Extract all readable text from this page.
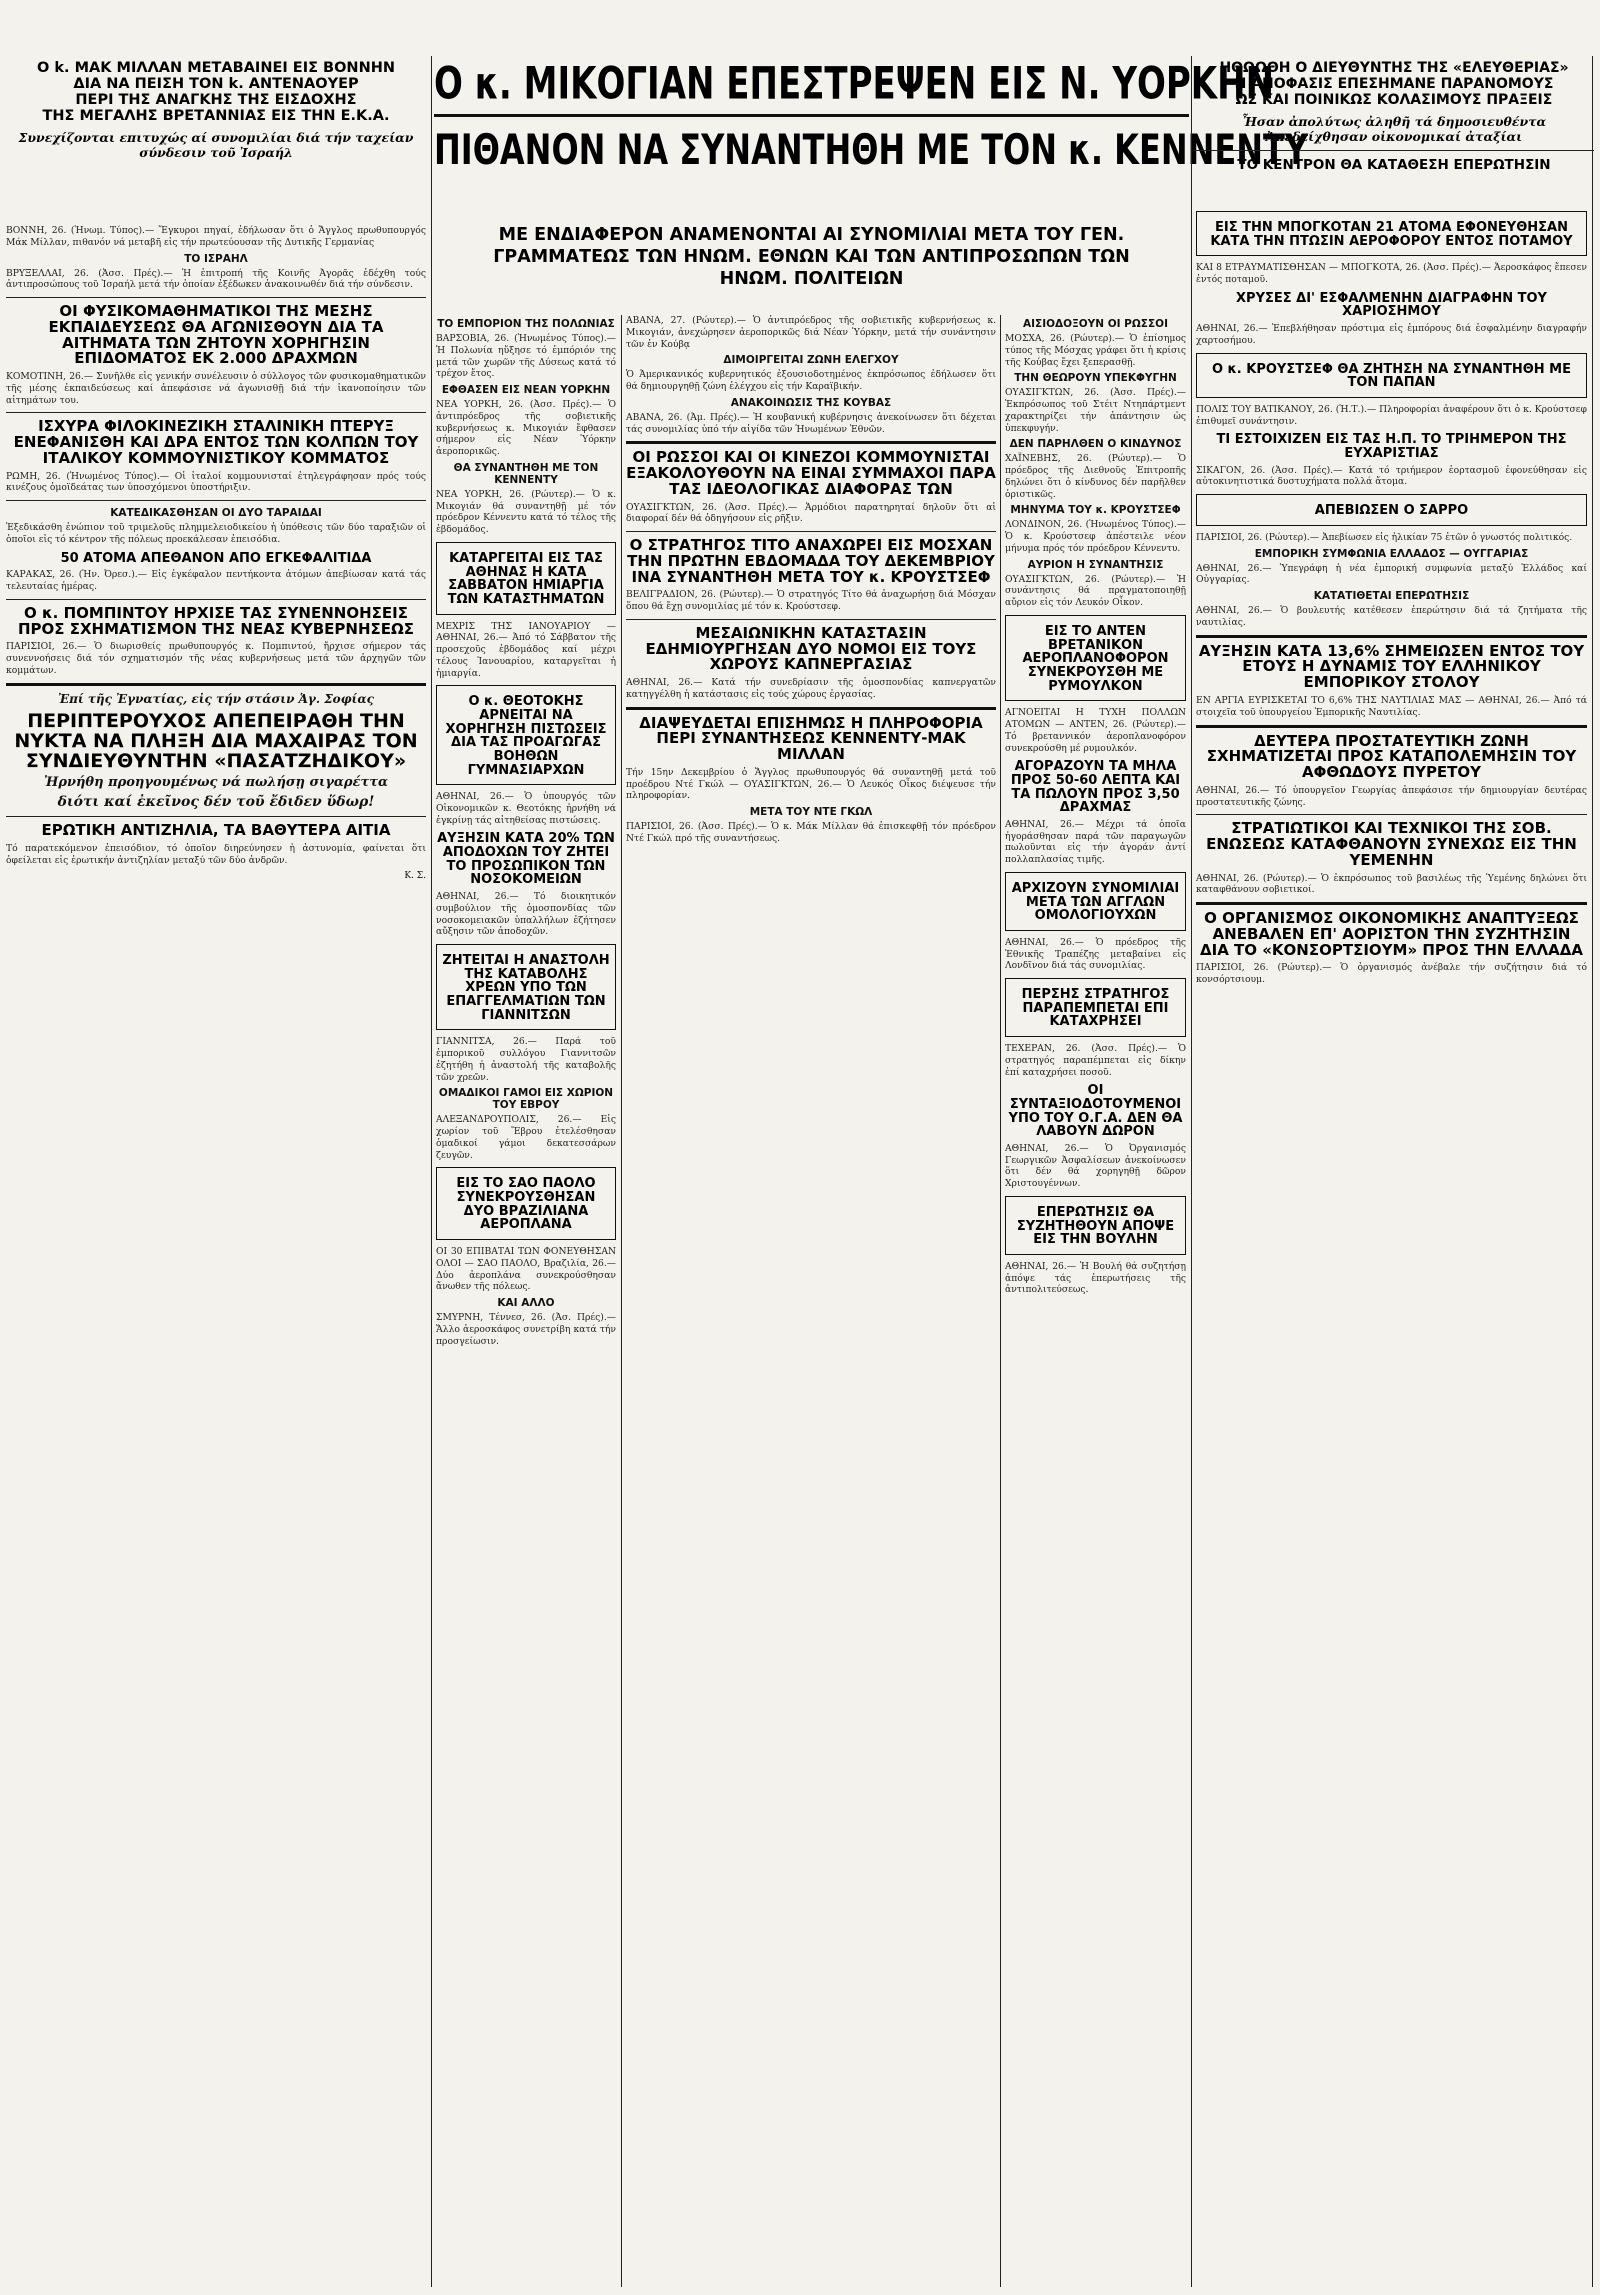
Ο k. ΜΑΚ ΜΙΛΛΑΝ ΜΕΤΑΒΑΙΝΕΙ ΕΙΣ ΒΟΝΝΗΝ
ΔΙΑ ΝΑ ΠΕΙΣΗ ΤΟΝ k. ΑΝΤΕΝΑΟΥΕΡ
ΠΕΡΙ ΤΗΣ ΑΝΑΓΚΗΣ ΤΗΣ ΕΙΣΔΟΧΗΣ
ΤΗΣ ΜΕΓΑΛΗΣ ΒΡΕΤΑΝΝΙΑΣ ΕΙΣ ΤΗΝ Ε.Κ.Α.
Συνεχίζονται επιτυχώς αί συνομιλίαι διά τήν ταχείαν σύνδεσιν τοῦ Ἰσραήλ
Ο κ. ΜΙΚΟΓΙΑΝ ΕΠΕΣΤΡΕΨΕΝ ΕΙΣ Ν. ΥΟΡΚΗΝ
ΠΙΘΑΝΟΝ ΝΑ ΣΥΝΑΝΤΗΘΗ ΜΕ ΤΟΝ κ. ΚΕΝΝΕΝΤΥ
ΗΘΩΩΘΗ Ο ΔΙΕΥΘΥΝΤΗΣ ΤΗΣ «ΕΛΕΥΘΕΡΙΑΣ»
Η ΑΠΟΦΑΣΙΣ ΕΠΕΣΗΜΑΝΕ ΠΑΡΑΝΟΜΟΥΣ
ΩΣ ΚΑΙ ΠΟΙΝΙΚΩΣ ΚΟΛΑΣΙΜΟΥΣ ΠΡΑΞΕΙΣ
Ἦσαν ἀπολύτως ἀληθῆ τά δημοσιευθέντα Ἀπεδείχθησαν οἰκονομικαί ἀταξίαι
ΤΟ ΚΕΝΤΡΟΝ ΘΑ ΚΑΤΑΘΕΣΗ ΕΠΕΡΩΤΗΣΙΝ
ΜΕ ΕΝΔΙΑΦΕΡΟΝ ΑΝΑΜΕΝΟΝΤΑΙ ΑΙ ΣΥΝΟΜΙΛΙΑΙ ΜΕΤΑ ΤΟΥ ΓΕΝ. ΓΡΑΜΜΑΤΕΩΣ ΤΩΝ ΗΝΩΜ. ΕΘΝΩΝ ΚΑΙ ΤΩΝ ΑΝΤΙΠΡΟΣΩΠΩΝ ΤΩΝ ΗΝΩΜ. ΠΟΛΙΤΕΙΩΝ

ΒΟΝΝΗ, 26. (Ἡνωμ. Τύπος).— Ἔγκυροι πηγαί, ἐδήλωσαν ὅτι ὁ Ἄγγλος πρωθυπουργός Μάκ Μίλλαν, πιθανόν νά μεταβῆ εἰς τήν πρωτεύουσαν τῆς Δυτικῆς Γερμανίας

ΤΟ ΙΣΡΑΗΛ

ΒΡΥΞΕΛΛΑΙ, 26. (Ἀσσ. Πρές).— Ἡ ἐπιτροπή τῆς Κοινῆς Ἀγορᾶς ἐδέχθη τούς ἀντιπροσώπους τοῦ Ἰσραήλ μετά τήν ὁποίαν ἐξέδωκεν ἀνακοινωθέν διά τήν σύνδεσιν.

ΟΙ ΦΥΣΙΚΟΜΑΘΗΜΑΤΙΚΟΙ ΤΗΣ ΜΕΣΗΣ ΕΚΠΑΙΔΕΥΣΕΩΣ ΘΑ ΑΓΩΝΙΣΘΟΥΝ ΔΙΑ ΤΑ ΑΙΤΗΜΑΤΑ ΤΩΝ ΖΗΤΟΥΝ ΧΟΡΗΓΗΣΙΝ ΕΠΙΔΟΜΑΤΟΣ ΕΚ 2.000 ΔΡΑΧΜΩΝ

ΚΟΜΟΤΙΝΗ, 26.— Συνῆλθε εἰς γενικήν συνέλευσιν ὁ σύλλογος τῶν φυσικομαθηματικῶν τῆς μέσης ἐκπαιδεύσεως καί ἀπεφάσισε νά ἀγωνισθῇ διά τήν ἱκανοποίησιν τῶν αἰτημάτων του.

ΙΣΧΥΡΑ ΦΙΛΟΚΙΝΕΖΙΚΗ ΣΤΑΛΙΝΙΚΗ ΠΤΕΡΥΞ ΕΝΕΦΑΝΙΣΘΗ ΚΑΙ ΔΡΑ ΕΝΤΟΣ ΤΩΝ ΚΟΛΠΩΝ ΤΟΥ ΙΤΑΛΙΚΟΥ ΚΟΜΜΟΥΝΙΣΤΙΚΟΥ ΚΟΜΜΑΤΟΣ

ΡΩΜΗ, 26. (Ἡνωμένος Τύπος).— Οἱ ἰταλοί κομμουνισταί ἐτηλεγράφησαν πρός τούς κινέζους ὁμοϊδεάτας των ὑποσχόμενοι ὑποστήριξιν.

ΚΑΤΕΔΙΚΑΣΘΗΣΑΝ ΟΙ ΔΥΟ ΤΑΡΑΙΔΑΙ

Ἐξεδικάσθη ἐνώπιον τοῦ τριμελοῦς πλημμελειοδικείου ἡ ὑπόθεσις τῶν δύο ταραξιῶν οἱ ὁποῖοι εἰς τό κέντρον τῆς πόλεως προεκάλεσαν ἐπεισόδια.

50 ΑΤΟΜΑ ΑΠΕΘΑΝΟΝ ΑΠΟ ΕΓΚΕΦΑΛΙΤΙΔΑ

ΚΑΡΑΚΑΣ, 26. (Ἡν. Ὀρεσ.).— Εἰς ἐγκέφαλον πεντήκοντα ἀτόμων ἀπεβίωσαν κατά τάς τελευταίας ἡμέρας.

Ο κ. ΠΟΜΠΙΝΤΟΥ ΗΡΧΙΣΕ ΤΑΣ ΣΥΝΕΝΝΟΗΣΕΙΣ ΠΡΟΣ ΣΧΗΜΑΤΙΣΜΟΝ ΤΗΣ ΝΕΑΣ ΚΥΒΕΡΝΗΣΕΩΣ

ΠΑΡΙΣΙΟΙ, 26.— Ὁ διωρισθείς πρωθυπουργός κ. Πομπιντού, ἤρχισε σήμερον τάς συνεννοήσεις διά τόν σχηματισμόν τῆς νέας κυβερνήσεως μετά τῶν ἀρχηγῶν τῶν κομμάτων.

Ἐπί τῆς Ἐγνατίας, εἰς τήν στάσιν Ἁγ. Σοφίας
ΠΕΡΙΠΤΕΡΟΥΧΟΣ ΑΠΕΠΕΙΡΑΘΗ ΤΗΝ ΝΥΚΤΑ ΝΑ ΠΛΗΞΗ ΔΙΑ ΜΑΧΑΙΡΑΣ ΤΟΝ ΣΥΝΔΙΕΥΘΥΝΤΗΝ «ΠΑΣΑΤΖΗΔΙΚΟΥ»
Ἠρνήθη προηγουμένως νά πωλήσῃ σιγαρέττα
διότι καί ἐκεῖνος δέν τοῦ ἔδιδεν ὕδωρ!
ΕΡΩΤΙΚΗ ΑΝΤΙΖΗΛΙΑ, ΤΑ ΒΑΘΥΤΕΡΑ ΑΙΤΙΑ

Τό παρατεκόμενον ἐπεισόδιον, τό ὁποῖον διηρεύνησεν ἡ ἀστυνομία, φαίνεται ὅτι ὀφείλεται εἰς ἐρωτικήν ἀντιζηλίαν μεταξύ τῶν δύο ἀνδρῶν.

Κ. Σ.
ΤΟ ΕΜΠΟΡΙΟΝ ΤΗΣ ΠΟΛΩΝΙΑΣ

ΒΑΡΣΟΒΙΑ, 26. (Ἡνωμένος Τύπος).— Ἡ Πολωνία ηὔξησε τό ἐμπόριόν της μετά τῶν χωρῶν τῆς Δύσεως κατά τό τρέχον ἔτος.

ΕΦΘΑΣΕΝ ΕΙΣ ΝΕΑΝ ΥΟΡΚΗΝ

ΝΕΑ ΥΟΡΚΗ, 26. (Ἀσσ. Πρές).— Ὁ ἀντιπρόεδρος τῆς σοβιετικῆς κυβερνήσεως κ. Μικογιάν ἔφθασεν σήμερον εἰς Νέαν Ὑόρκην ἀεροπορικῶς.

ΘΑ ΣΥΝΑΝΤΗΘΗ ΜΕ ΤΟΝ ΚΕΝΝΕΝΤΥ

ΝΕΑ ΥΟΡΚΗ, 26. (Ρώυτερ).— Ὁ κ. Μικογιάν θά συναντηθῇ μέ τόν πρόεδρον Κέννεντυ κατά τό τέλος τῆς ἑβδομάδος.

ΚΑΤΑΡΓΕΙΤΑΙ ΕΙΣ ΤΑΣ ΑΘΗΝΑΣ Η ΚΑΤΑ ΣΑΒΒΑΤΟΝ ΗΜΙΑΡΓΙΑ ΤΩΝ ΚΑΤΑΣΤΗΜΑΤΩΝ

ΜΕΧΡΙΣ ΤΗΣ ΙΑΝΟΥΑΡΙΟΥ — ΑΘΗΝΑΙ, 26.— Ἀπό τό Σάββατον τῆς προσεχοῦς ἑβδομάδος καί μέχρι τέλους Ἰανουαρίου, καταργεῖται ἡ ἡμιαργία.

Ο κ. ΘΕΟΤΟΚΗΣ ΑΡΝΕΙΤΑΙ ΝΑ ΧΟΡΗΓΗΣΗ ΠΙΣΤΩΣΕΙΣ ΔΙΑ ΤΑΣ ΠΡΟΑΓΩΓΑΣ ΒΟΗΘΩΝ ΓΥΜΝΑΣΙΑΡΧΩΝ

ΑΘΗΝΑΙ, 26.— Ὁ ὑπουργός τῶν Οἰκονομικῶν κ. Θεοτόκης ἠρνήθη νά ἐγκρίνῃ τάς αἰτηθείσας πιστώσεις.

ΑΥΞΗΣΙΝ ΚΑΤΑ 20% ΤΩΝ ΑΠΟΔΟΧΩΝ ΤΟΥ ΖΗΤΕΙ ΤΟ ΠΡΟΣΩΠΙΚΟΝ ΤΩΝ ΝΟΣΟΚΟΜΕΙΩΝ

ΑΘΗΝΑΙ, 26.— Τό διοικητικόν συμβούλιον τῆς ὁμοσπονδίας τῶν νοσοκομειακῶν ὑπαλλήλων ἐζήτησεν αὔξησιν τῶν ἀποδοχῶν.

ΖΗΤΕΙΤΑΙ Η ΑΝΑΣΤΟΛΗ ΤΗΣ ΚΑΤΑΒΟΛΗΣ ΧΡΕΩΝ ΥΠΟ ΤΩΝ ΕΠΑΓΓΕΛΜΑΤΙΩΝ ΤΩΝ ΓΙΑΝΝΙΤΣΩΝ

ΓΙΑΝΝΙΤΣΑ, 26.— Παρά τοῦ ἐμπορικοῦ συλλόγου Γιαννιτσῶν ἐζητήθη ἡ ἀναστολή τῆς καταβολῆς τῶν χρεῶν.

ΟΜΑΔΙΚΟΙ ΓΑΜΟΙ ΕΙΣ ΧΩΡΙΟΝ ΤΟΥ ΕΒΡΟΥ

ΑΛΕΞΑΝΔΡΟΥΠΟΛΙΣ, 26.— Εἰς χωρίον τοῦ Ἔβρου ἐτελέσθησαν ὁμαδικοί γάμοι δεκατεσσάρων ζευγῶν.

ΕΙΣ ΤΟ ΣΑΟ ΠΑΟΛΟ ΣΥΝΕΚΡΟΥΣΘΗΣΑΝ ΔΥΟ ΒΡΑΖΙΛΙΑΝΑ ΑΕΡΟΠΛΑΝΑ

ΟΙ 30 ΕΠΙΒΑΤΑΙ ΤΩΝ ΦΟΝΕΥΘΗΣΑΝ ΟΛΟΙ — ΣΑΟ ΠΑΟΛΟ, Βραζιλία, 26.— Δύο ἀεροπλάνα συνεκρούσθησαν ἄνωθεν τῆς πόλεως.

ΚΑΙ ΑΛΛΟ

ΣΜΥΡΝΗ, Τέννεσ, 26. (Ἀσ. Πρές).— Ἄλλο ἀεροσκάφος συνετρίβη κατά τήν προσγείωσιν.

ΑΒΑΝΑ, 27. (Ρώυτερ).— Ὁ ἀντιπρόεδρος τῆς σοβιετικῆς κυβερνήσεως κ. Μικογιάν, ἀνεχώρησεν ἀεροπορικῶς διά Νέαν Ὑόρκην, μετά τήν συνάντησιν τῶν ἐν Κούβᾳ

ΔΙΜΟΙΡΓΕΙΤΑΙ ΖΩΝΗ ΕΛΕΓΧΟΥ

Ὁ Ἀμερικανικός κυβερνητικός ἐξουσιοδοτημένος ἐκπρόσωπος ἐδήλωσεν ὅτι θά δημιουργηθῇ ζώνη ἐλέγχου εἰς τήν Καραϊβικήν.

ΑΝΑΚΟΙΝΩΣΙΣ ΤΗΣ ΚΟΥΒΑΣ

ΑΒΑΝΑ, 26. (Ἀμ. Πρές).— Ἡ κουβανική κυβέρνησις ἀνεκοίνωσεν ὅτι δέχεται τάς συνομιλίας ὑπό τήν αἰγίδα τῶν Ἡνωμένων Ἐθνῶν.

ΟΙ ΡΩΣΣΟΙ ΚΑΙ ΟΙ ΚΙΝΕΖΟΙ ΚΟΜΜΟΥΝΙΣΤΑΙ ΕΞΑΚΟΛΟΥΘΟΥΝ ΝΑ ΕΙΝΑΙ ΣΥΜΜΑΧΟΙ ΠΑΡΑ ΤΑΣ ΙΔΕΟΛΟΓΙΚΑΣ ΔΙΑΦΟΡΑΣ ΤΩΝ

ΟΥΑΣΙΓΚΤΩΝ, 26. (Ἀσσ. Πρές).— Ἁρμόδιοι παρατηρηταί δηλοῦν ὅτι αἱ διαφοραί δέν θά ὁδηγήσουν εἰς ρῆξιν.

Ο ΣΤΡΑΤΗΓΟΣ ΤΙΤΟ ΑΝΑΧΩΡΕΙ ΕΙΣ ΜΟΣΧΑΝ ΤΗΝ ΠΡΩΤΗΝ ΕΒΔΟΜΑΔΑ ΤΟΥ ΔΕΚΕΜΒΡΙΟΥ ΙΝΑ ΣΥΝΑΝΤΗΘΗ ΜΕΤΑ ΤΟΥ κ. ΚΡΟΥΣΤΣΕΦ

ΒΕΛΙΓΡΑΔΙΟΝ, 26. (Ρώυτερ).— Ὁ στρατηγός Τίτο θά ἀναχωρήσῃ διά Μόσχαν ὅπου θά ἔχῃ συνομιλίας μέ τόν κ. Κρούστσεφ.

ΜΕΣΑΙΩΝΙΚΗΝ ΚΑΤΑΣΤΑΣΙΝ ΕΔΗΜΙΟΥΡΓΗΣΑΝ ΔΥΟ ΝΟΜΟΙ ΕΙΣ ΤΟΥΣ ΧΩΡΟΥΣ ΚΑΠΝΕΡΓΑΣΙΑΣ

ΑΘΗΝΑΙ, 26.— Κατά τήν συνεδρίασιν τῆς ὁμοσπονδίας καπνεργατῶν κατηγγέλθη ἡ κατάστασις εἰς τούς χώρους ἐργασίας.

ΔΙΑΨΕΥΔΕΤΑΙ ΕΠΙΣΗΜΩΣ Η ΠΛΗΡΟΦΟΡΙΑ ΠΕΡΙ ΣΥΝΑΝΤΗΣΕΩΣ ΚΕΝΝΕΝΤΥ-ΜΑΚ ΜΙΛΛΑΝ

Τήν 15ην Δεκεμβρίου ὁ Ἄγγλος πρωθυπουργός θά συναντηθῇ μετά τοῦ προέδρου Ντέ Γκώλ — ΟΥΑΣΙΓΚΤΩΝ, 26.— Ὁ Λευκός Οἶκος διέψευσε τήν πληροφορίαν.

ΜΕΤΑ ΤΟΥ ΝΤΕ ΓΚΩΛ

ΠΑΡΙΣΙΟΙ, 26. (Ἀσσ. Πρές).— Ὁ κ. Μάκ Μίλλαν θά ἐπισκεφθῇ τόν πρόεδρον Ντέ Γκώλ πρό τῆς συναντήσεως.

ΑΙΣΙΟΔΟΞΟΥΝ ΟΙ ΡΩΣΣΟΙ

ΜΟΣΧΑ, 26. (Ρώυτερ).— Ὁ ἐπίσημος τύπος τῆς Μόσχας γράφει ὅτι ἡ κρίσις τῆς Κούβας ἔχει ξεπερασθῇ.

ΤΗΝ ΘΕΩΡΟΥΝ ΥΠΕΚΦΥΓΗΝ

ΟΥΑΣΙΓΚΤΩΝ, 26. (Ἀσσ. Πρές).— Ἐκπρόσωπος τοῦ Στέιτ Ντηπάρτμεντ χαρακτηρίζει τήν ἀπάντησιν ὡς ὑπεκφυγήν.

ΔΕΝ ΠΑΡΗΛΘΕΝ Ο ΚΙΝΔΥΝΟΣ

ΧΑΪΝΕΒΗΣ, 26. (Ρώυτερ).— Ὁ πρόεδρος τῆς Διεθνοῦς Ἐπιτροπῆς δηλώνει ὅτι ὁ κίνδυνος δέν παρῆλθεν ὁριστικῶς.

ΜΗΝΥΜΑ ΤΟΥ κ. ΚΡΟΥΣΤΣΕΦ

ΛΟΝΔΙΝΟΝ, 26. (Ἡνωμένος Τύπος).— Ὁ κ. Κρούστσεφ ἀπέστειλε νέον μήνυμα πρός τόν πρόεδρον Κέννεντυ.

ΑΥΡΙΟΝ Η ΣΥΝΑΝΤΗΣΙΣ

ΟΥΑΣΙΓΚΤΩΝ, 26. (Ρώυτερ).— Ἡ συνάντησις θά πραγματοποιηθῇ αὔριον εἰς τόν Λευκόν Οἶκον.

ΕΙΣ ΤΟ ΑΝΤΕΝ ΒΡΕΤΑΝΙΚΟΝ ΑΕΡΟΠΛΑΝΟΦΟΡΟΝ ΣΥΝΕΚΡΟΥΣΘΗ ΜΕ ΡΥΜΟΥΛΚΟΝ

ΑΓΝΟΕΙΤΑΙ Η ΤΥΧΗ ΠΟΛΛΩΝ ΑΤΟΜΩΝ — ΑΝΤΕΝ, 26. (Ρώυτερ).— Τό βρεταννικόν ἀεροπλανοφόρον συνεκρούσθη μέ ρυμουλκόν.

ΑΓΟΡΑΖΟΥΝ ΤΑ ΜΗΛΑ ΠΡΟΣ 50-60 ΛΕΠΤΑ ΚΑΙ ΤΑ ΠΩΛΟΥΝ ΠΡΟΣ 3,50 ΔΡΑΧΜΑΣ

ΑΘΗΝΑΙ, 26.— Μέχρι τά ὁποῖα ἠγοράσθησαν παρά τῶν παραγωγῶν πωλοῦνται εἰς τήν ἀγοράν ἀντί πολλαπλασίας τιμῆς.

ΑΡΧΙΖΟΥΝ ΣΥΝΟΜΙΛΙΑΙ ΜΕΤΑ ΤΩΝ ΑΓΓΛΩΝ ΟΜΟΛΟΓΙΟΥΧΩΝ

ΑΘΗΝΑΙ, 26.— Ὁ πρόεδρος τῆς Ἐθνικῆς Τραπέζης μεταβαίνει εἰς Λονδῖνον διά τάς συνομιλίας.

ΠΕΡΣΗΣ ΣΤΡΑΤΗΓΟΣ ΠΑΡΑΠΕΜΠΕΤΑΙ ΕΠΙ ΚΑΤΑΧΡΗΣΕΙ

ΤΕΧΕΡΑΝ, 26. (Ἀσσ. Πρές).— Ὁ στρατηγός παραπέμπεται εἰς δίκην ἐπί καταχρήσει ποσοῦ.

ΟΙ ΣΥΝΤΑΞΙΟΔΟΤΟΥΜΕΝΟΙ ΥΠΟ ΤΟΥ Ο.Γ.Α. ΔΕΝ ΘΑ ΛΑΒΟΥΝ ΔΩΡΟΝ

ΑΘΗΝΑΙ, 26.— Ὁ Ὀργανισμός Γεωργικῶν Ἀσφαλίσεων ἀνεκοίνωσεν ὅτι δέν θά χορηγηθῇ δῶρον Χριστουγέννων.

ΕΠΕΡΩΤΗΣΙΣ ΘΑ ΣΥΖΗΤΗΘΟΥΝ ΑΠΟΨΕ ΕΙΣ ΤΗΝ ΒΟΥΛΗΝ

ΑΘΗΝΑΙ, 26.— Ἡ Βουλή θά συζητήσῃ ἀπόψε τάς ἐπερωτήσεις τῆς ἀντιπολιτεύσεως.

ΕΙΣ ΤΗΝ ΜΠΟΓΚΟΤΑΝ 21 ΑΤΟΜΑ ΕΦΟΝΕΥΘΗΣΑΝ ΚΑΤΑ ΤΗΝ ΠΤΩΣΙΝ ΑΕΡΟΦΟΡΟΥ ΕΝΤΟΣ ΠΟΤΑΜΟΥ

ΚΑΙ 8 ΕΤΡΑΥΜΑΤΙΣΘΗΣΑΝ — ΜΠΟΓΚΟΤΑ, 26. (Ἀσσ. Πρές).— Ἀεροσκάφος ἔπεσεν ἐντός ποταμοῦ.

ΧΡΥΣΕΣ ΔΙ' ΕΣΦΑΛΜΕΝΗΝ ΔΙΑΓΡΑΦΗΝ ΤΟΥ ΧΑΡΙΟΣΗΜΟΥ

ΑΘΗΝΑΙ, 26.— Ἐπεβλήθησαν πρόστιμα εἰς ἐμπόρους διά ἐσφαλμένην διαγραφήν χαρτοσήμου.

Ο κ. ΚΡΟΥΣΤΣΕΦ ΘΑ ΖΗΤΗΣΗ ΝΑ ΣΥΝΑΝΤΗΘΗ ΜΕ ΤΟΝ ΠΑΠΑΝ

ΠΟΛΙΣ ΤΟΥ ΒΑΤΙΚΑΝΟΥ, 26. (Ἡ.Τ.).— Πληροφορίαι ἀναφέρουν ὅτι ὁ κ. Κρούστσεφ ἐπιθυμεῖ συνάντησιν.

ΤΙ ΕΣΤΟΙΧΙΖΕΝ ΕΙΣ ΤΑΣ Η.Π. ΤΟ ΤΡΙΗΜΕΡΟΝ ΤΗΣ ΕΥΧΑΡΙΣΤΙΑΣ

ΣΙΚΑΓΟΝ, 26. (Ἀσσ. Πρές).— Κατά τό τριήμερον ἑορτασμοῦ ἐφονεύθησαν εἰς αὐτοκινητιστικά δυστυχήματα πολλά ἄτομα.

ΑΠΕΒΙΩΣΕΝ Ο ΣΑΡΡΟ

ΠΑΡΙΣΙΟΙ, 26. (Ρώυτερ).— Ἀπεβίωσεν εἰς ἡλικίαν 75 ἐτῶν ὁ γνωστός πολιτικός.

ΕΜΠΟΡΙΚΗ ΣΥΜΦΩΝΙΑ ΕΛΛΑΔΟΣ — ΟΥΓΓΑΡΙΑΣ

ΑΘΗΝΑΙ, 26.— Ὑπεγράφη ἡ νέα ἐμπορική συμφωνία μεταξύ Ἑλλάδος καί Οὐγγαρίας.

ΚΑΤΑΤΙΘΕΤΑΙ ΕΠΕΡΩΤΗΣΙΣ

ΑΘΗΝΑΙ, 26.— Ὁ βουλευτής κατέθεσεν ἐπερώτησιν διά τά ζητήματα τῆς ναυτιλίας.

ΑΥΞΗΣΙΝ ΚΑΤΑ 13,6% ΣΗΜΕΙΩΣΕΝ ΕΝΤΟΣ ΤΟΥ ΕΤΟΥΣ Η ΔΥΝΑΜΙΣ ΤΟΥ ΕΛΛΗΝΙΚΟΥ ΕΜΠΟΡΙΚΟΥ ΣΤΟΛΟΥ

ΕΝ ΑΡΓΙΑ ΕΥΡΙΣΚΕΤΑΙ ΤΟ 6,6% ΤΗΣ ΝΑΥΤΙΛΙΑΣ ΜΑΣ — ΑΘΗΝΑΙ, 26.— Ἀπό τά στοιχεῖα τοῦ ὑπουργείου Ἐμπορικῆς Ναυτιλίας.

ΔΕΥΤΕΡΑ ΠΡΟΣΤΑΤΕΥΤΙΚΗ ΖΩΝΗ ΣΧΗΜΑΤΙΖΕΤΑΙ ΠΡΟΣ ΚΑΤΑΠΟΛΕΜΗΣΙΝ ΤΟΥ ΑΦΘΩΔΟΥΣ ΠΥΡΕΤΟΥ

ΑΘΗΝΑΙ, 26.— Τό ὑπουργεῖον Γεωργίας ἀπεφάσισε τήν δημιουργίαν δευτέρας προστατευτικῆς ζώνης.

ΣΤΡΑΤΙΩΤΙΚΟΙ ΚΑΙ ΤΕΧΝΙΚΟΙ ΤΗΣ ΣΟΒ. ΕΝΩΣΕΩΣ ΚΑΤΑΦΘΑΝΟΥΝ ΣΥΝΕΧΩΣ ΕΙΣ ΤΗΝ ΥΕΜΕΝΗΝ

ΑΘΗΝΑΙ, 26. (Ρώυτερ).— Ὁ ἐκπρόσωπος τοῦ βασιλέως τῆς Ὑεμένης δηλώνει ὅτι καταφθάνουν σοβιετικοί.

Ο ΟΡΓΑΝΙΣΜΟΣ ΟΙΚΟΝΟΜΙΚΗΣ ΑΝΑΠΤΥΞΕΩΣ ΑΝΕΒΑΛΕΝ ΕΠ' ΑΟΡΙΣΤΟΝ ΤΗΝ ΣΥΖΗΤΗΣΙΝ ΔΙΑ ΤΟ «ΚΟΝΣΟΡΤΣΙΟΥΜ» ΠΡΟΣ ΤΗΝ ΕΛΛΑΔΑ

ΠΑΡΙΣΙΟΙ, 26. (Ρώυτερ).— Ὁ ὀργανισμός ἀνέβαλε τήν συζήτησιν διά τό κονσόρτσιουμ.
